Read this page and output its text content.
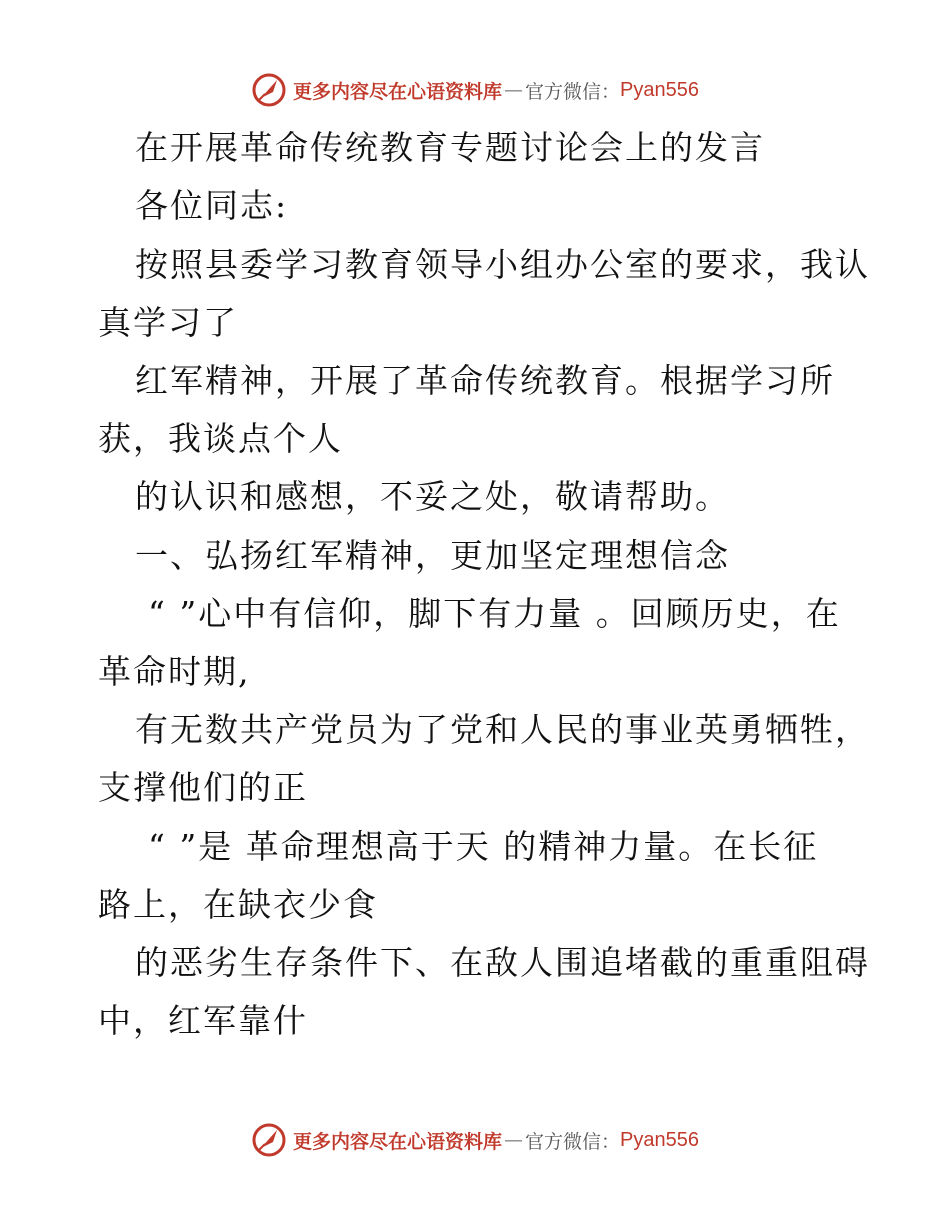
更多内容尽在心语资料库 — 官方微信： Pyan556
在开展革命传统教育专题讨论会上的发言
各位同志:
按照县委学习教育领导小组办公室的要求，我认
真学习了
红军精神，开展了革命传统教育。根据学习所
获，我谈点个人
的认识和感想，不妥之处，敬请帮助。
一、弘扬红军精神，更加坚定理想信念
“ ”心中有信仰，脚下有力量 。回顾历史，在
革命时期,
有无数共产党员为了党和人民的事业英勇牺牲，
支撑他们的正
“ ”是 革命理想高于天 的精神力量。在长征
路上，在缺衣少食
的恶劣生存条件下、在敌人围追堵截的重重阻碍
中，红军靠什
更多内容尽在心语资料库 — 官方微信： Pyan556
